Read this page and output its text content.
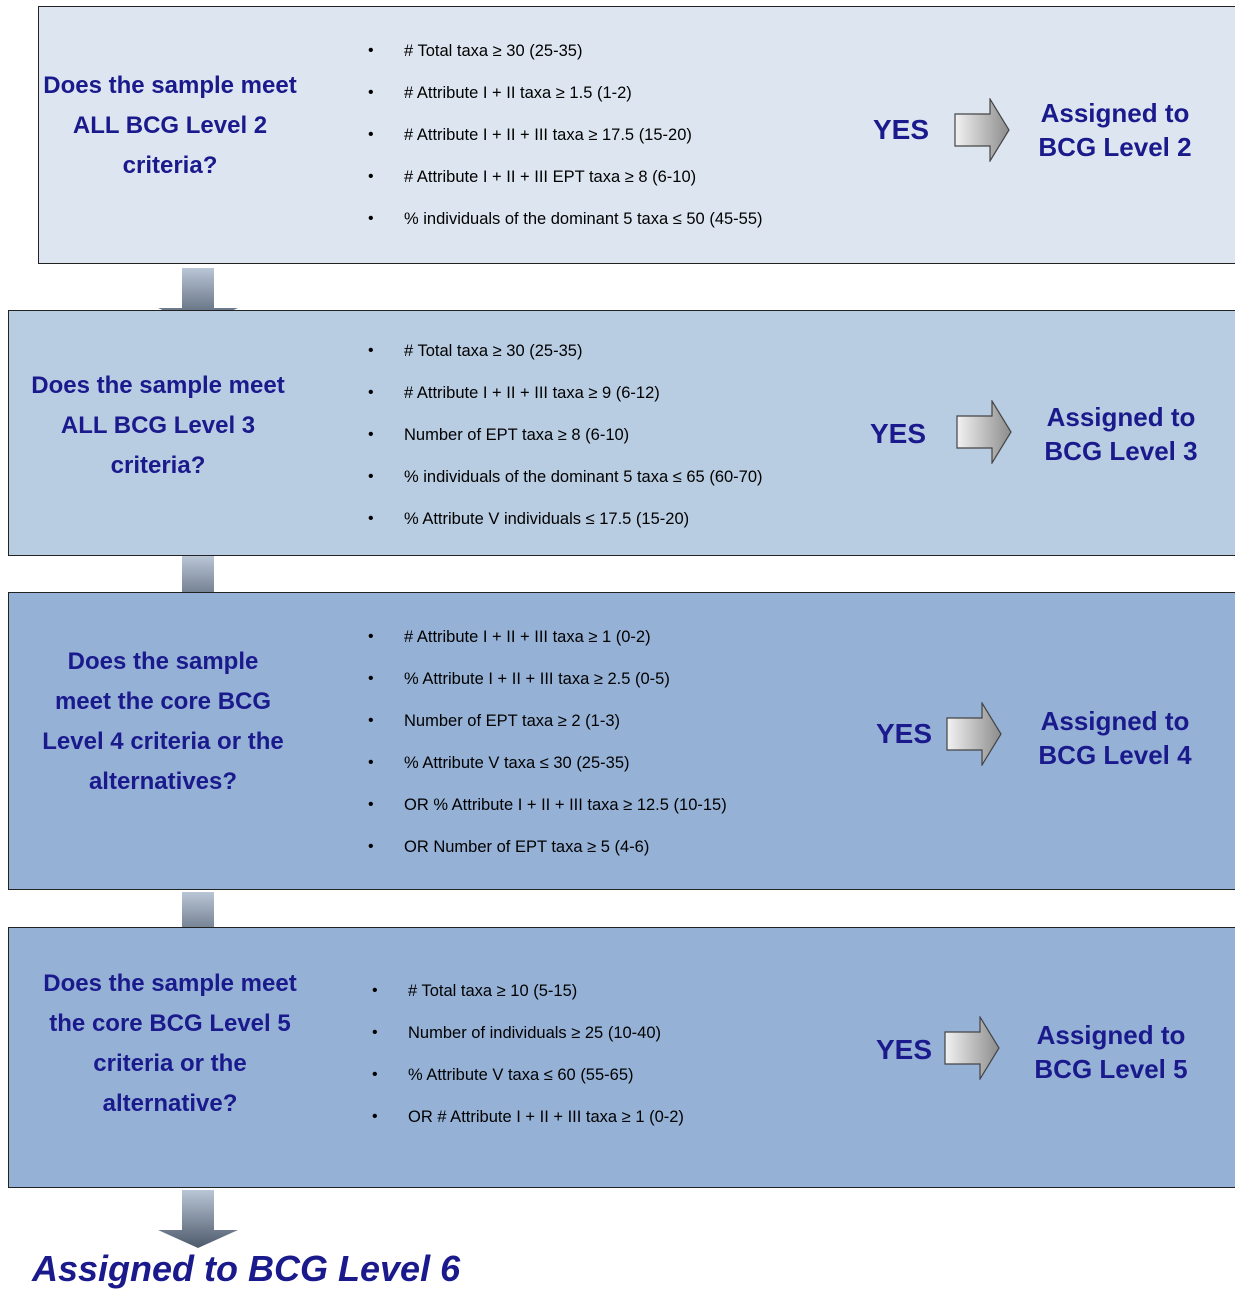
Does the sample meet ALL BCG Level 2 criteria?
• # Total taxa ≥ 30 (25-35)
• # Attribute I + II taxa ≥ 1.5 (1-2)
• # Attribute I + II + III taxa ≥ 17.5 (15-20)
• # Attribute I + II + III EPT taxa ≥ 8 (6-10)
• % individuals of the dominant 5 taxa ≤ 50 (45-55)
YES
Assigned to BCG Level 2
Does the sample meet ALL BCG Level 3 criteria?
• # Total taxa ≥ 30 (25-35)
• # Attribute I + II + III taxa ≥ 9 (6-12)
• Number of EPT taxa ≥ 8 (6-10)
• % individuals of the dominant 5 taxa ≤ 65 (60-70)
• % Attribute V individuals ≤ 17.5 (15-20)
YES
Assigned to BCG Level 3
Does the sample meet the core BCG Level 4 criteria or the alternatives?
• # Attribute I + II + III taxa ≥ 1 (0-2)
• % Attribute I + II + III taxa ≥ 2.5 (0-5)
• Number of EPT taxa ≥ 2 (1-3)
• % Attribute V taxa ≤ 30 (25-35)
• OR % Attribute I + II + III taxa ≥ 12.5 (10-15)
• OR Number of EPT taxa ≥ 5 (4-6)
YES	Assigned to BCG Level 4
Does the sample meet the core BCG Level 5 criteria or the alternative?
• # Total taxa ≥ 10 (5-15)
• Number of individuals ≥ 25 (10-40)
• % Attribute V taxa ≤ 60 (55-65)
• OR # Attribute I + II + III taxa ≥ 1 (0-2)
YES	Assigned to BCG Level 5
Assigned to BCG Level 6
